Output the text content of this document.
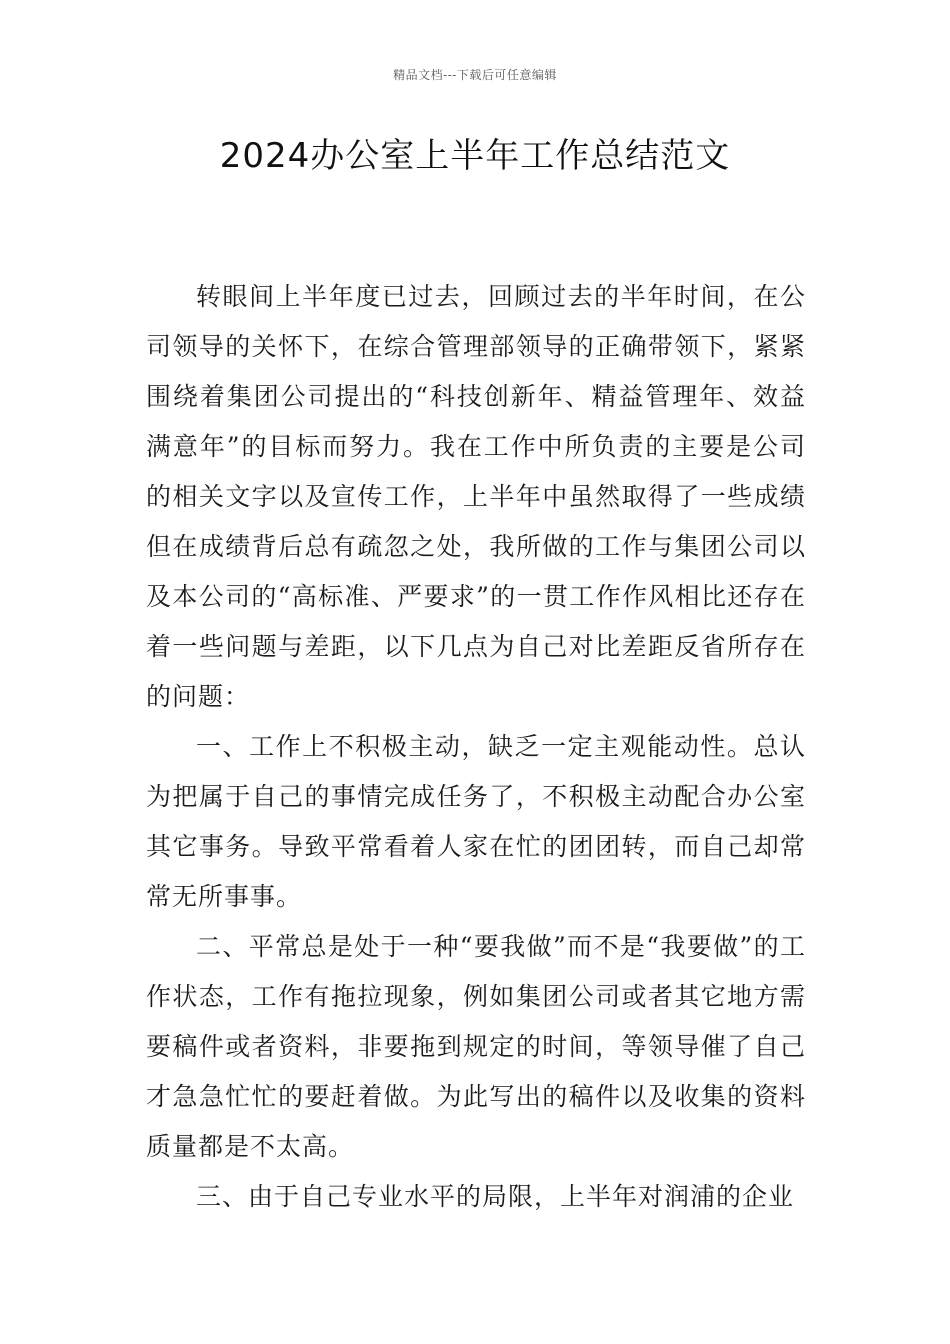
精品文档---下载后可任意编辑
2024办公室上半年工作总结范文

转眼间上半年度已过去，回顾过去的半年时间，在公司领导的关怀下，在综合管理部领导的正确带领下，紧紧围绕着集团公司提出的“科技创新年、精益管理年、效益满意年”的目标而努力。我在工作中所负责的主要是公司的相关文字以及宣传工作，上半年中虽然取得了一些成绩但在成绩背后总有疏忽之处，我所做的工作与集团公司以及本公司的“高标准、严要求”的一贯工作作风相比还存在着一些问题与差距，以下几点为自己对比差距反省所存在的问题：

一、工作上不积极主动，缺乏一定主观能动性。总认为把属于自己的事情完成任务了，不积极主动配合办公室其它事务。导致平常看着人家在忙的团团转，而自己却常常无所事事。

二、平常总是处于一种“要我做”而不是“我要做”的工作状态，工作有拖拉现象，例如集团公司或者其它地方需要稿件或者资料，非要拖到规定的时间，等领导催了自己才急急忙忙的要赶着做。为此写出的稿件以及收集的资料质量都是不太高。

三、由于自己专业水平的局限，上半年对润浦的企业
